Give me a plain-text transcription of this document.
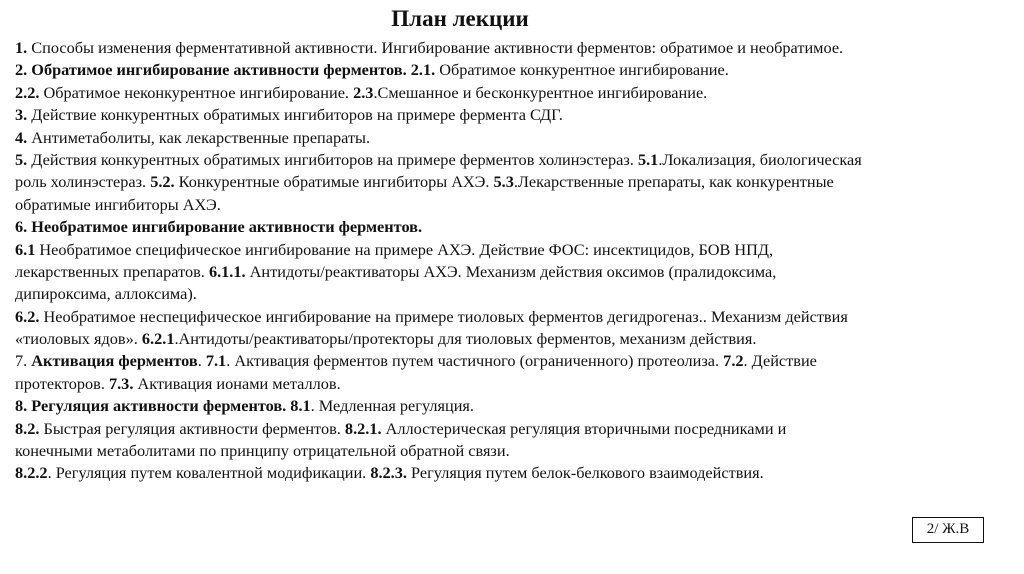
План лекции
1. Способы изменения ферментативной активности. Ингибирование активности ферментов: обратимое и необратимое.
2. Обратимое ингибирование активности ферментов. 2.1. Обратимое конкурентное ингибирование.
2.2. Обратимое неконкурентное ингибирование. 2.3.Смешанное и бесконкурентное ингибирование.
3. Действие конкурентных обратимых ингибиторов на примере фермента СДГ.
4. Антиметаболиты, как лекарственные препараты.
5. Действия конкурентных обратимых ингибиторов на примере ферментов холинэстераз. 5.1.Локализация, биологическая
роль холинэстераз. 5.2. Конкурентные обратимые ингибиторы АХЭ. 5.3.Лекарственные препараты, как конкурентные
обратимые ингибиторы АХЭ.
6. Необратимое ингибирование активности ферментов.
6.1 Необратимое специфическое ингибирование на примере АХЭ. Действие ФОС: инсектицидов, БОВ НПД,
лекарственных препаратов. 6.1.1. Антидоты/реактиваторы АХЭ. Механизм действия оксимов (пралидоксима,
дипироксима, аллоксима).
6.2. Необратимое неспецифическое ингибирование на примере тиоловых ферментов дегидрогеназ.. Механизм действия
«тиоловых ядов». 6.2.1.Антидоты/реактиваторы/протекторы для тиоловых ферментов, механизм действия.
7. Активация ферментов. 7.1. Активация ферментов путем частичного (ограниченного) протеолиза. 7.2. Действие
протекторов. 7.3. Активация ионами металлов.
8. Регуляция активности ферментов. 8.1. Медленная регуляция.
8.2. Быстрая регуляция активности ферментов. 8.2.1. Аллостерическая регуляция вторичными посредниками и
конечными метаболитами по принципу отрицательной обратной связи.
8.2.2. Регуляция путем ковалентной модификации. 8.2.3. Регуляция путем белок-белкового взаимодействия.
2/ Ж.В
